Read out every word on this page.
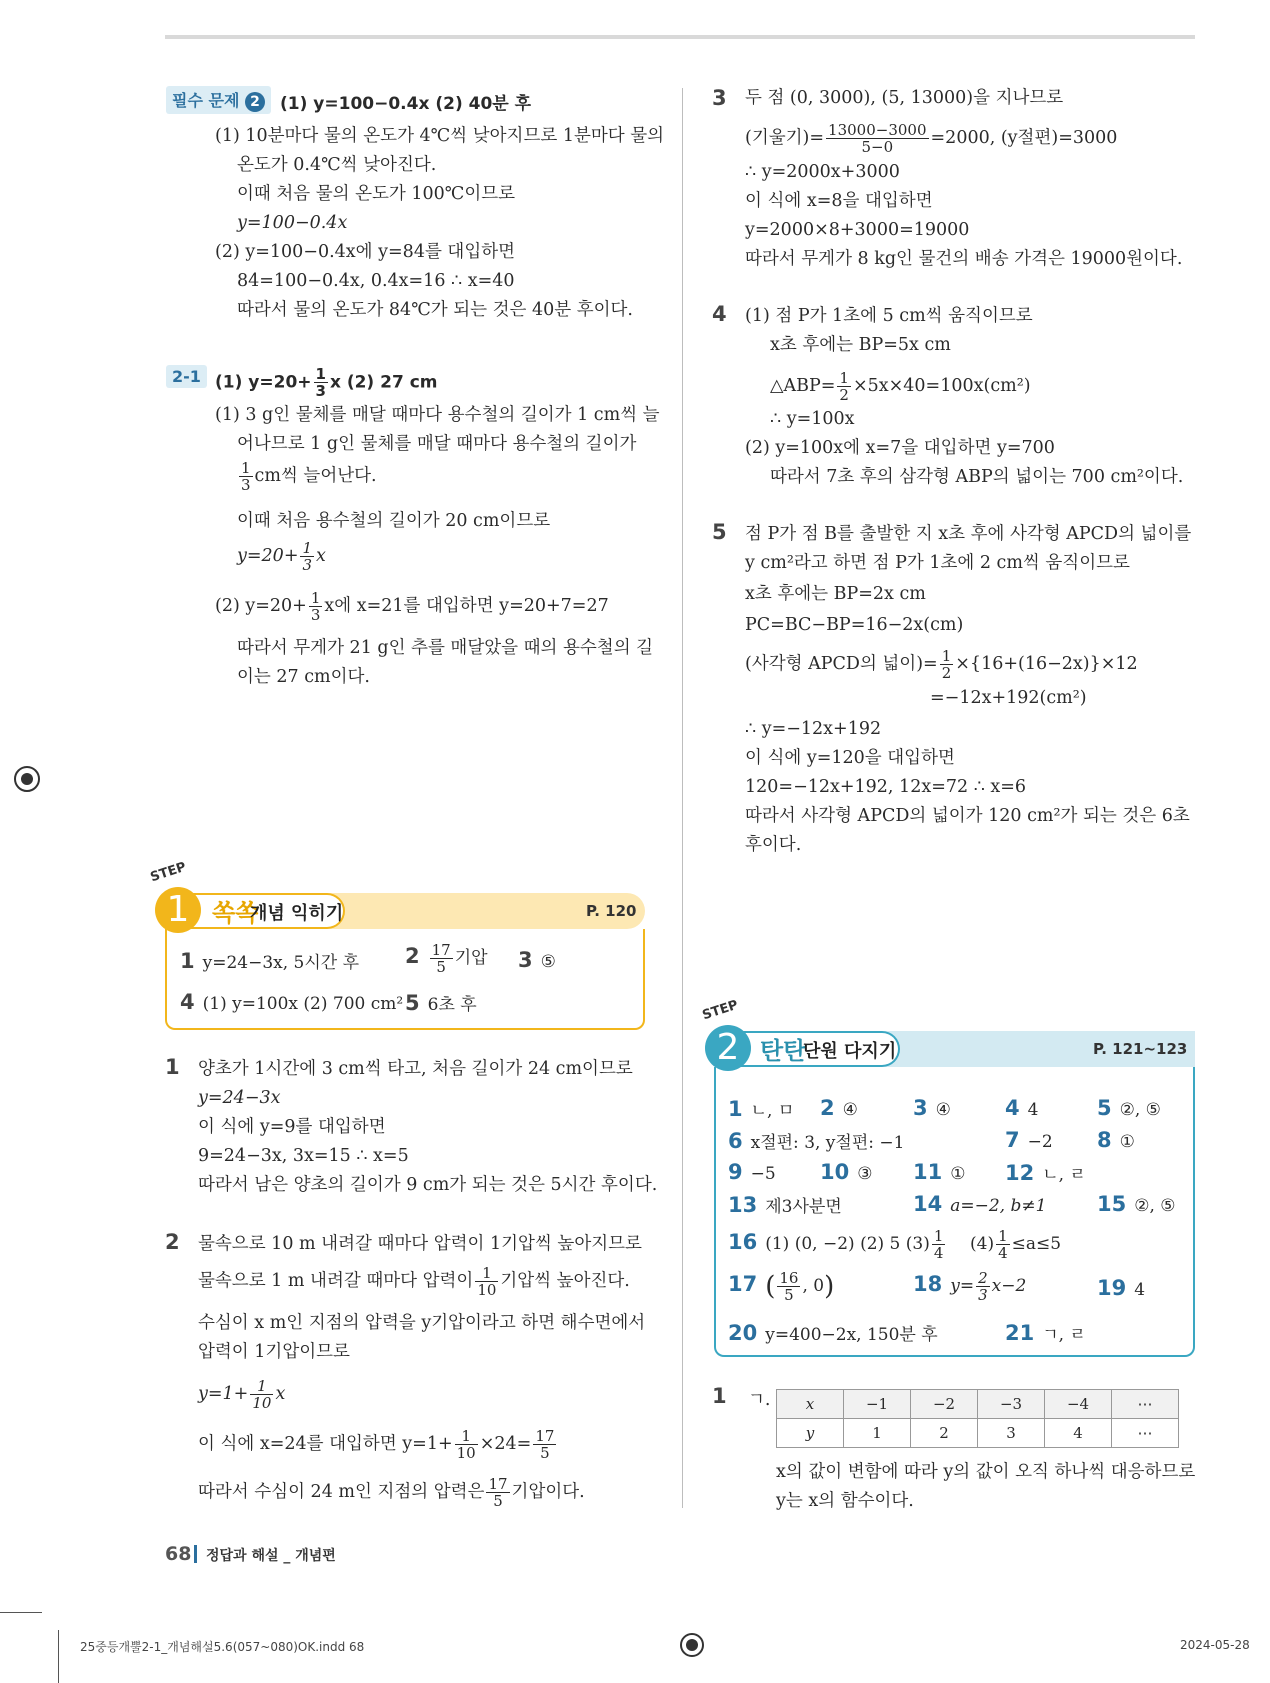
필수 문제 2	(1) y=100−0.4x (2) 40분 후
(1) 10분마다 물의 온도가 4℃씩 낮아지므로 1분마다 물의
온도가 0.4℃씩 낮아진다.
이때 처음 물의 온도가 100℃이므로
y=100−0.4x
(2) y=100−0.4x에 y=84를 대입하면
84=100−0.4x, 0.4x=16 ∴ x=40
따라서 물의 온도가 84℃가 되는 것은 40분 후이다.
2-1 (1) $y=20+ \frac{1}{3}$ x (2) 27 cm
(1) 3 g인 물체를 매달 때마다 용수철의 길이가 1 cm씩 늘
어나므로 1 g인 물체를 매달 때마다 용수철의 길이가
$\frac{1}{3}$ cm씩 늘어난다.
이때 처음 용수철의 길이가 20 cm이므로
$y=20+ \frac{1}{3}$ x
(2) $y=20+ \frac{1}{3}$ x에 x=21를 대입하면 y=20+7=27
따라서 무게가 21 g인 추를 매달았을 때의 용수철의 길
이는 27 cm이다.
STEP
1 쏙쏙
개념 익히기	P. 120
1 y=24−3x, 5시간 후 $2 \frac{17}{5}$ 기압 3 ⑤
4 (1) y=100x (2) 700 cm² 5 6초 후
1 양초가 1시간에 3 cm씩 타고, 처음 길이가 24 cm이므로
y=24−3x
이 식에 y=9를 대입하면
9=24−3x, 3x=15 ∴ x=5
따라서 남은 양초의 길이가 9 cm가 되는 것은 5시간 후이다.
2 물속으로 10 m 내려갈 때마다 압력이 1기압씩 높아지므로
물속으로 1 m 내려갈 때마다 압력이 $\frac{1}{10}$ 기압씩 높아진다.
수심이 x m인 지점의 압력을 y기압이라고 하면 해수면에서
압력이 1기압이므로
$y=1+ \frac{1}{10}$ x
이 식에 x=24를 대입하면 $y=1+ \frac{1}{10} \times 24= \frac{17}{5}$
따라서 수심이 24 m인 지점의 압력은 $\frac{17}{5}$ 기압이다.
3 두 점 (0, 3000), (5, 13000)을 지나므로
(기울기)= $\frac{13000-3000}{5-0} =2000$, (y절편)=3000
∴ y=2000x+3000
이 식에 x=8을 대입하면
y=2000×8+3000=19000
따라서 무게가 8 kg인 물건의 배송 가격은 19000원이다.
4 (1) 점 P가 1초에 5 cm씩 움직이므로
x초 후에는 BP=5x cm
△ABP= $\frac{1}{2} \times 5x\times 40=100x(cm^2)$
∴ y=100x
(2) y=100x에 x=7을 대입하면 y=700
따라서 7초 후의 삼각형 ABP의 넓이는 700 cm²이다.
5 점 P가 점 B를 출발한 지 x초 후에 사각형 APCD의 넓이를
y cm²라고 하면 점 P가 1초에 2 cm씩 움직이므로
x초 후에는 BP=2x cm
PC=BC−BP=16−2x(cm)
(사각형 APCD의 넓이)= $\frac{1}{2} \times\{16+(16-2x)\}\times 12$
=−12x+192(cm²)
∴ y=−12x+192
이 식에 y=120을 대입하면
120=−12x+192, 12x=72 ∴ x=6
따라서 사각형 APCD의 넓이가 120 cm²가 되는 것은 6초
후이다.
STEP
2 탄탄
단원 다지기	P. 121~123
1 ㄴ, ㅁ 2 ④	3 ④	4 4	5 ②, ⑤
6 x절편: 3, y절편: −1	7 −2 8 ①
9 −5 10 ③ 11 ① 12 ㄴ, ㄹ
13 제3사분면	14 a=−2, b≠1 15 ②, ⑤
16 (1) (0, −2) (2) 5 $(3) \frac{1}{4} (4) \frac{1}{4} \le a\le 5$
17 ( $\frac{16}{5}$ , 0)	18 $y= \frac{2}{3} x-2$	19 4
20 y=400−2x, 150분 후	21 ㄱ, ㄹ
1 ㄱ. x	−1	−2	−3	−4	⋯
y	1	2	3	4	⋯
x의 값이 변함에 따라 y의 값이 오직 하나씩 대응하므로
y는 x의 함수이다.
68 정답과 해설 _ 개념편
25중등개뿔2-1_개념해설5.6(057~080)OK.indd 68	2024-05-28
